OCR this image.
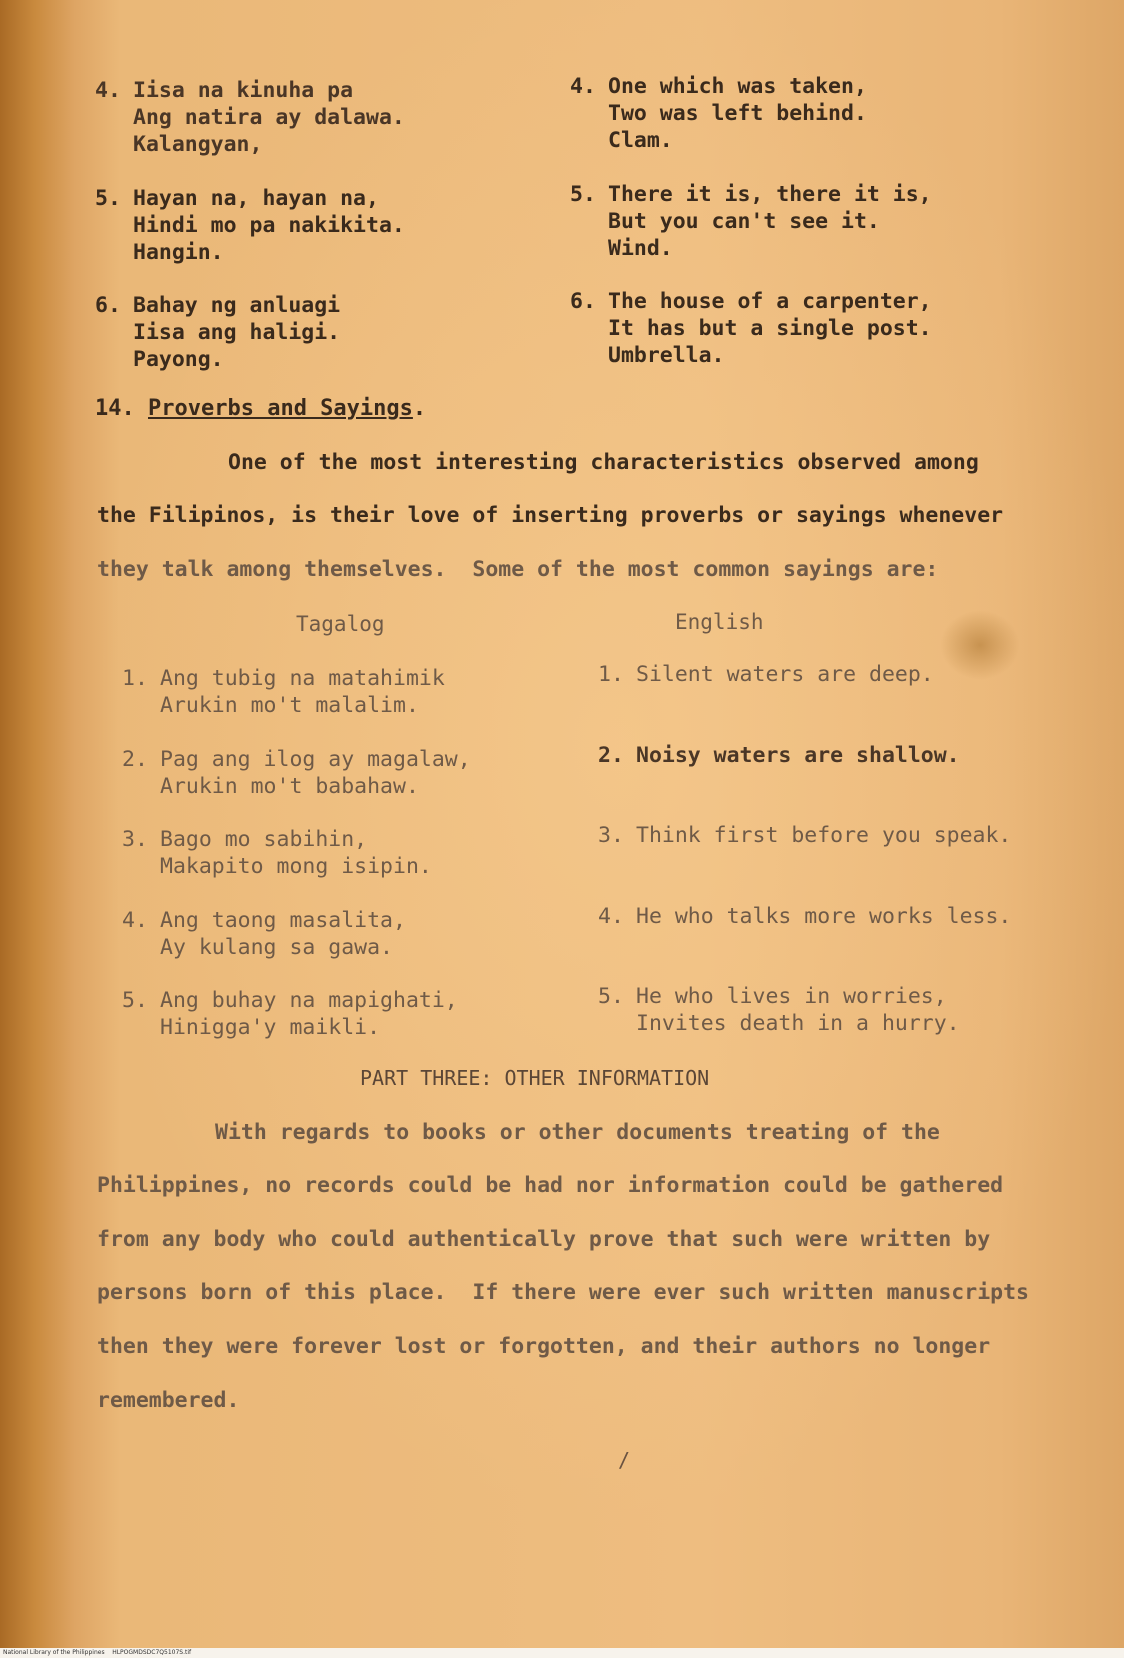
4. Iisa na kinuha pa
Ang natira ay dalawa.
Kalangyan,
4. One which was taken,
Two was left behind.
Clam.
5. Hayan na, hayan na,
Hindi mo pa nakikita.
Hangin.
5. There it is, there it is,
But you can't see it.
Wind.
6. Bahay ng anluagi
Iisa ang haligi.
Payong.
6. The house of a carpenter,
It has but a single post.
Umbrella.
14. Proverbs and Sayings.

One of the most interesting characteristics observed among

the Filipinos, is their love of inserting proverbs or sayings whenever

they talk among themselves.  Some of the most common sayings are:

Tagalog	English
1. Ang tubig na matahimik
Arukin mo't malalim.
1. Silent waters are deep.
2. Pag ang ilog ay magalaw,
Arukin mo't babahaw.
2. Noisy waters are shallow.
3. Bago mo sabihin,
Makapito mong isipin.
3. Think first before you speak.
4. Ang taong masalita,
Ay kulang sa gawa.
4. He who talks more works less.
5. Ang buhay na mapighati,
Hinigga'y maikli.
5. He who lives in worries,
Invites death in a hurry.
PART THREE: OTHER INFORMATION

With regards to books or other documents treating of the

Philippines, no records could be had nor information could be gathered

from any body who could authentically prove that such were written by

persons born of this place.  If there were ever such written manuscripts

then they were forever lost or forgotten, and their authors no longer

remembered.

/
National Library of the Philippines    HLPOGMDSDC7Q5107S.tif
